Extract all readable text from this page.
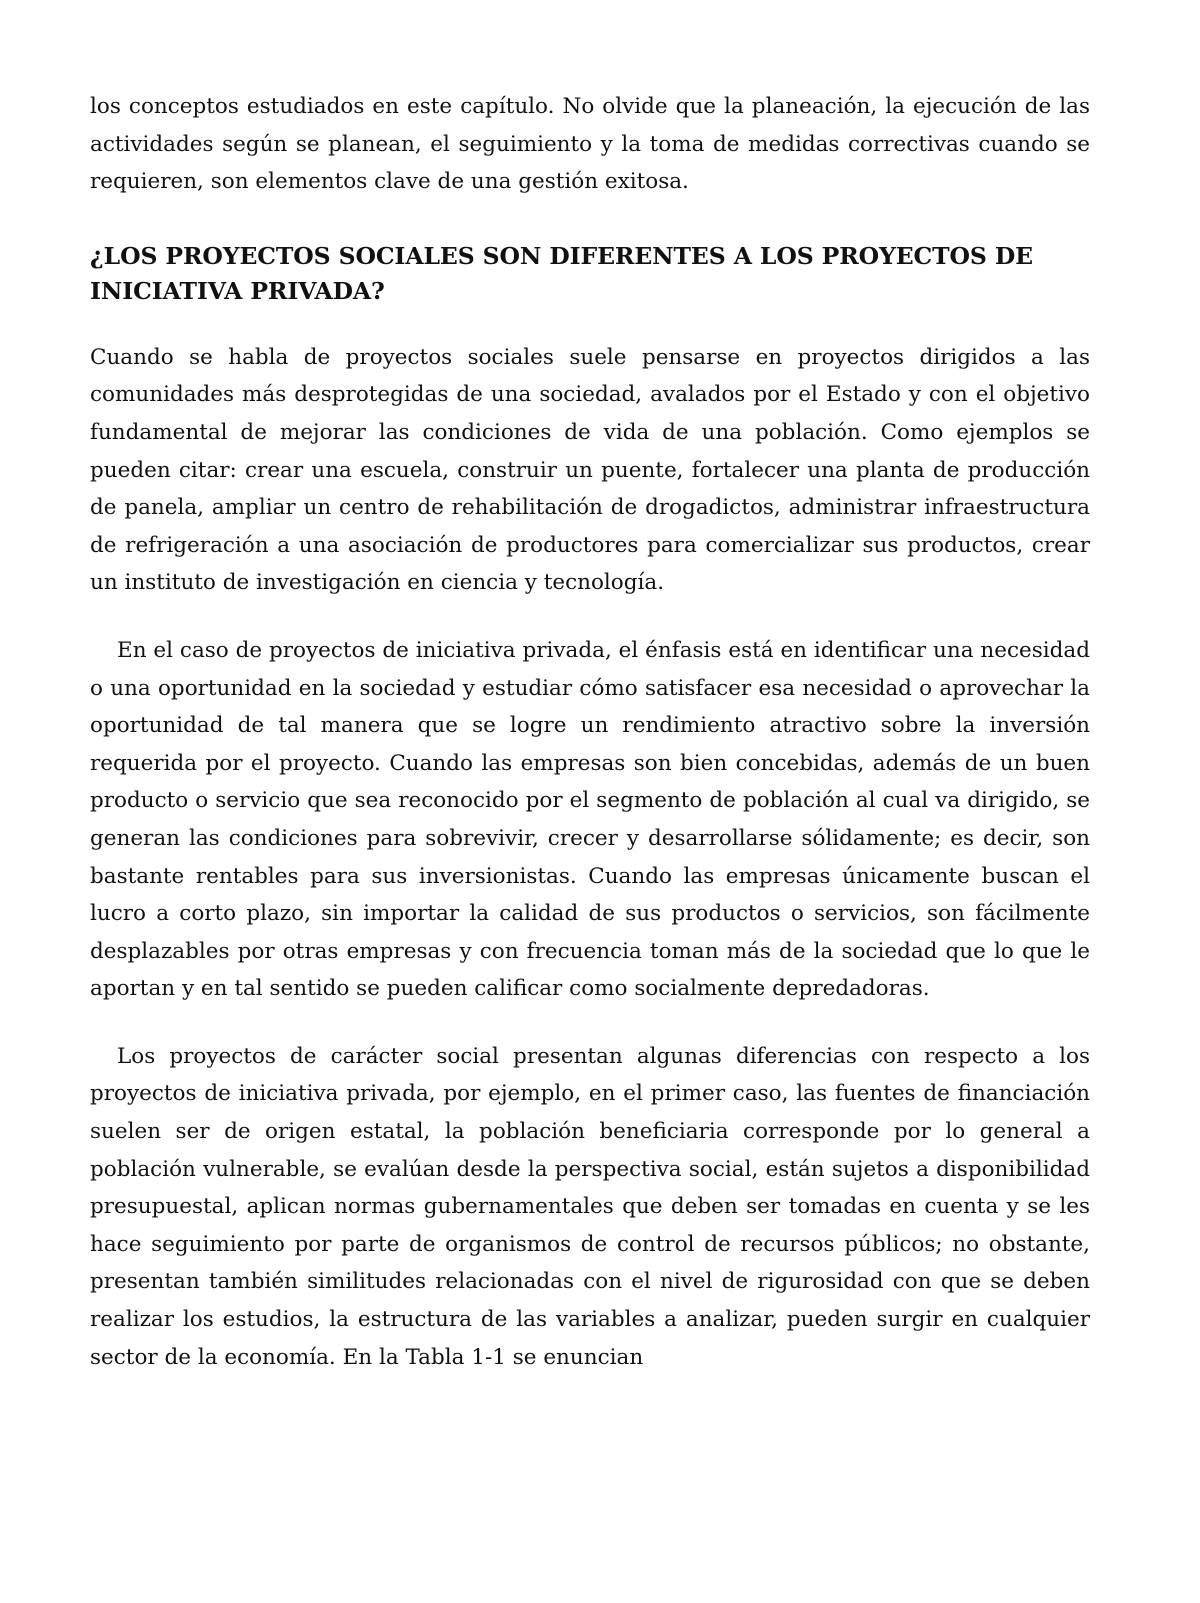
los conceptos estudiados en este capítulo. No olvide que la planeación, la ejecución de las actividades según se planean, el seguimiento y la toma de medidas correctivas cuando se requieren, son elementos clave de una gestión exitosa.

¿LOS PROYECTOS SOCIALES SON DIFERENTES A LOS PROYECTOS DE INICIATIVA PRIVADA?

Cuando se habla de proyectos sociales suele pensarse en proyectos dirigidos a las comunidades más desprotegidas de una sociedad, avalados por el Estado y con el objetivo fundamental de mejorar las condiciones de vida de una población. Como ejemplos se pueden citar: crear una escuela, construir un puente, fortalecer una planta de producción de panela, ampliar un centro de rehabilitación de drogadictos, administrar infraestructura de refrigeración a una asociación de productores para comercializar sus productos, crear un instituto de investigación en ciencia y tecnología.

En el caso de proyectos de iniciativa privada, el énfasis está en identificar una necesidad o una oportunidad en la sociedad y estudiar cómo satisfacer esa necesidad o aprovechar la oportunidad de tal manera que se logre un rendimiento atractivo sobre la inversión requerida por el proyecto. Cuando las empresas son bien concebidas, además de un buen producto o servicio que sea reconocido por el segmento de población al cual va dirigido, se generan las condiciones para sobrevivir, crecer y desarrollarse sólidamente; es decir, son bastante rentables para sus inversionistas. Cuando las empresas únicamente buscan el lucro a corto plazo, sin importar la calidad de sus productos o servicios, son fácilmente desplazables por otras empresas y con frecuencia toman más de la sociedad que lo que le aportan y en tal sentido se pueden calificar como socialmente depredadoras.

Los proyectos de carácter social presentan algunas diferencias con respecto a los proyectos de iniciativa privada, por ejemplo, en el primer caso, las fuentes de financiación suelen ser de origen estatal, la población beneficiaria corresponde por lo general a población vulnerable, se evalúan desde la perspectiva social, están sujetos a disponibilidad presupuestal, aplican normas gubernamentales que deben ser tomadas en cuenta y se les hace seguimiento por parte de organismos de control de recursos públicos; no obstante, presentan también similitudes relacionadas con el nivel de rigurosidad con que se deben realizar los estudios, la estructura de las variables a analizar, pueden surgir en cualquier sector de la economía. En la Tabla 1-1 se enuncian
